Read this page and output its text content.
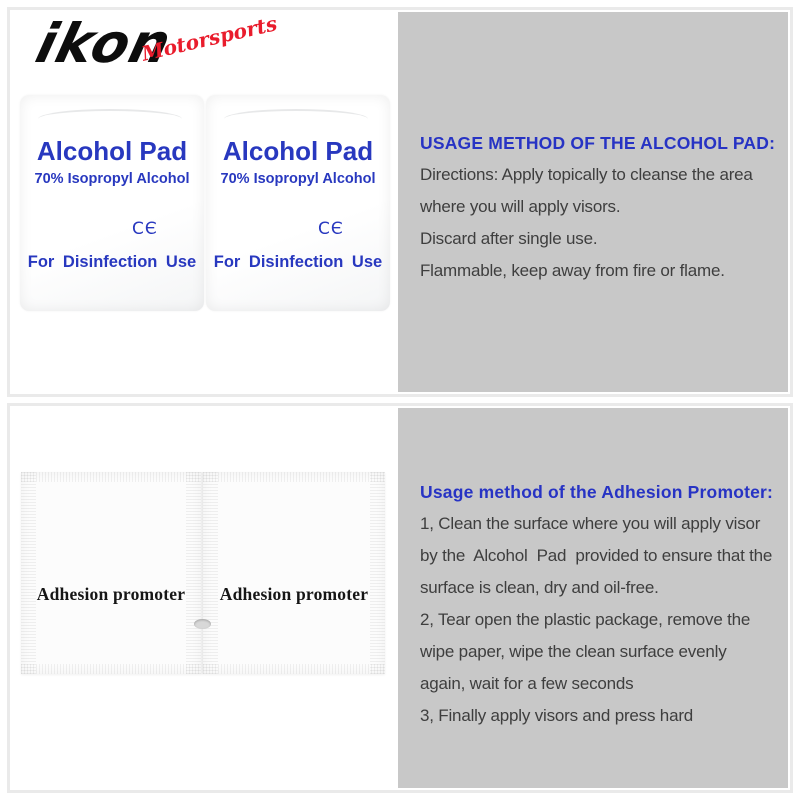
ikon
Motorsports
Alcohol Pad
70% Isopropyl Alcohol
CЄ
For Disinfection Use
Alcohol Pad
70% Isopropyl Alcohol
CЄ
For Disinfection Use
USAGE METHOD OF THE ALCOHOL PAD:

Directions: Apply topically to cleanse the area

where you will apply visors.

Discard after single use.

Flammable, keep away from fire or flame.

Adhesion promoter	Adhesion promoter
Usage method of the Adhesion Promoter:

1, Clean the surface where you will apply visor

by the  Alcohol  Pad  provided to ensure that the

surface is clean, dry and oil-free.

2, Tear open the plastic package, remove the

wipe paper, wipe the clean surface evenly

again, wait for a few seconds

3, Finally apply visors and press hard
